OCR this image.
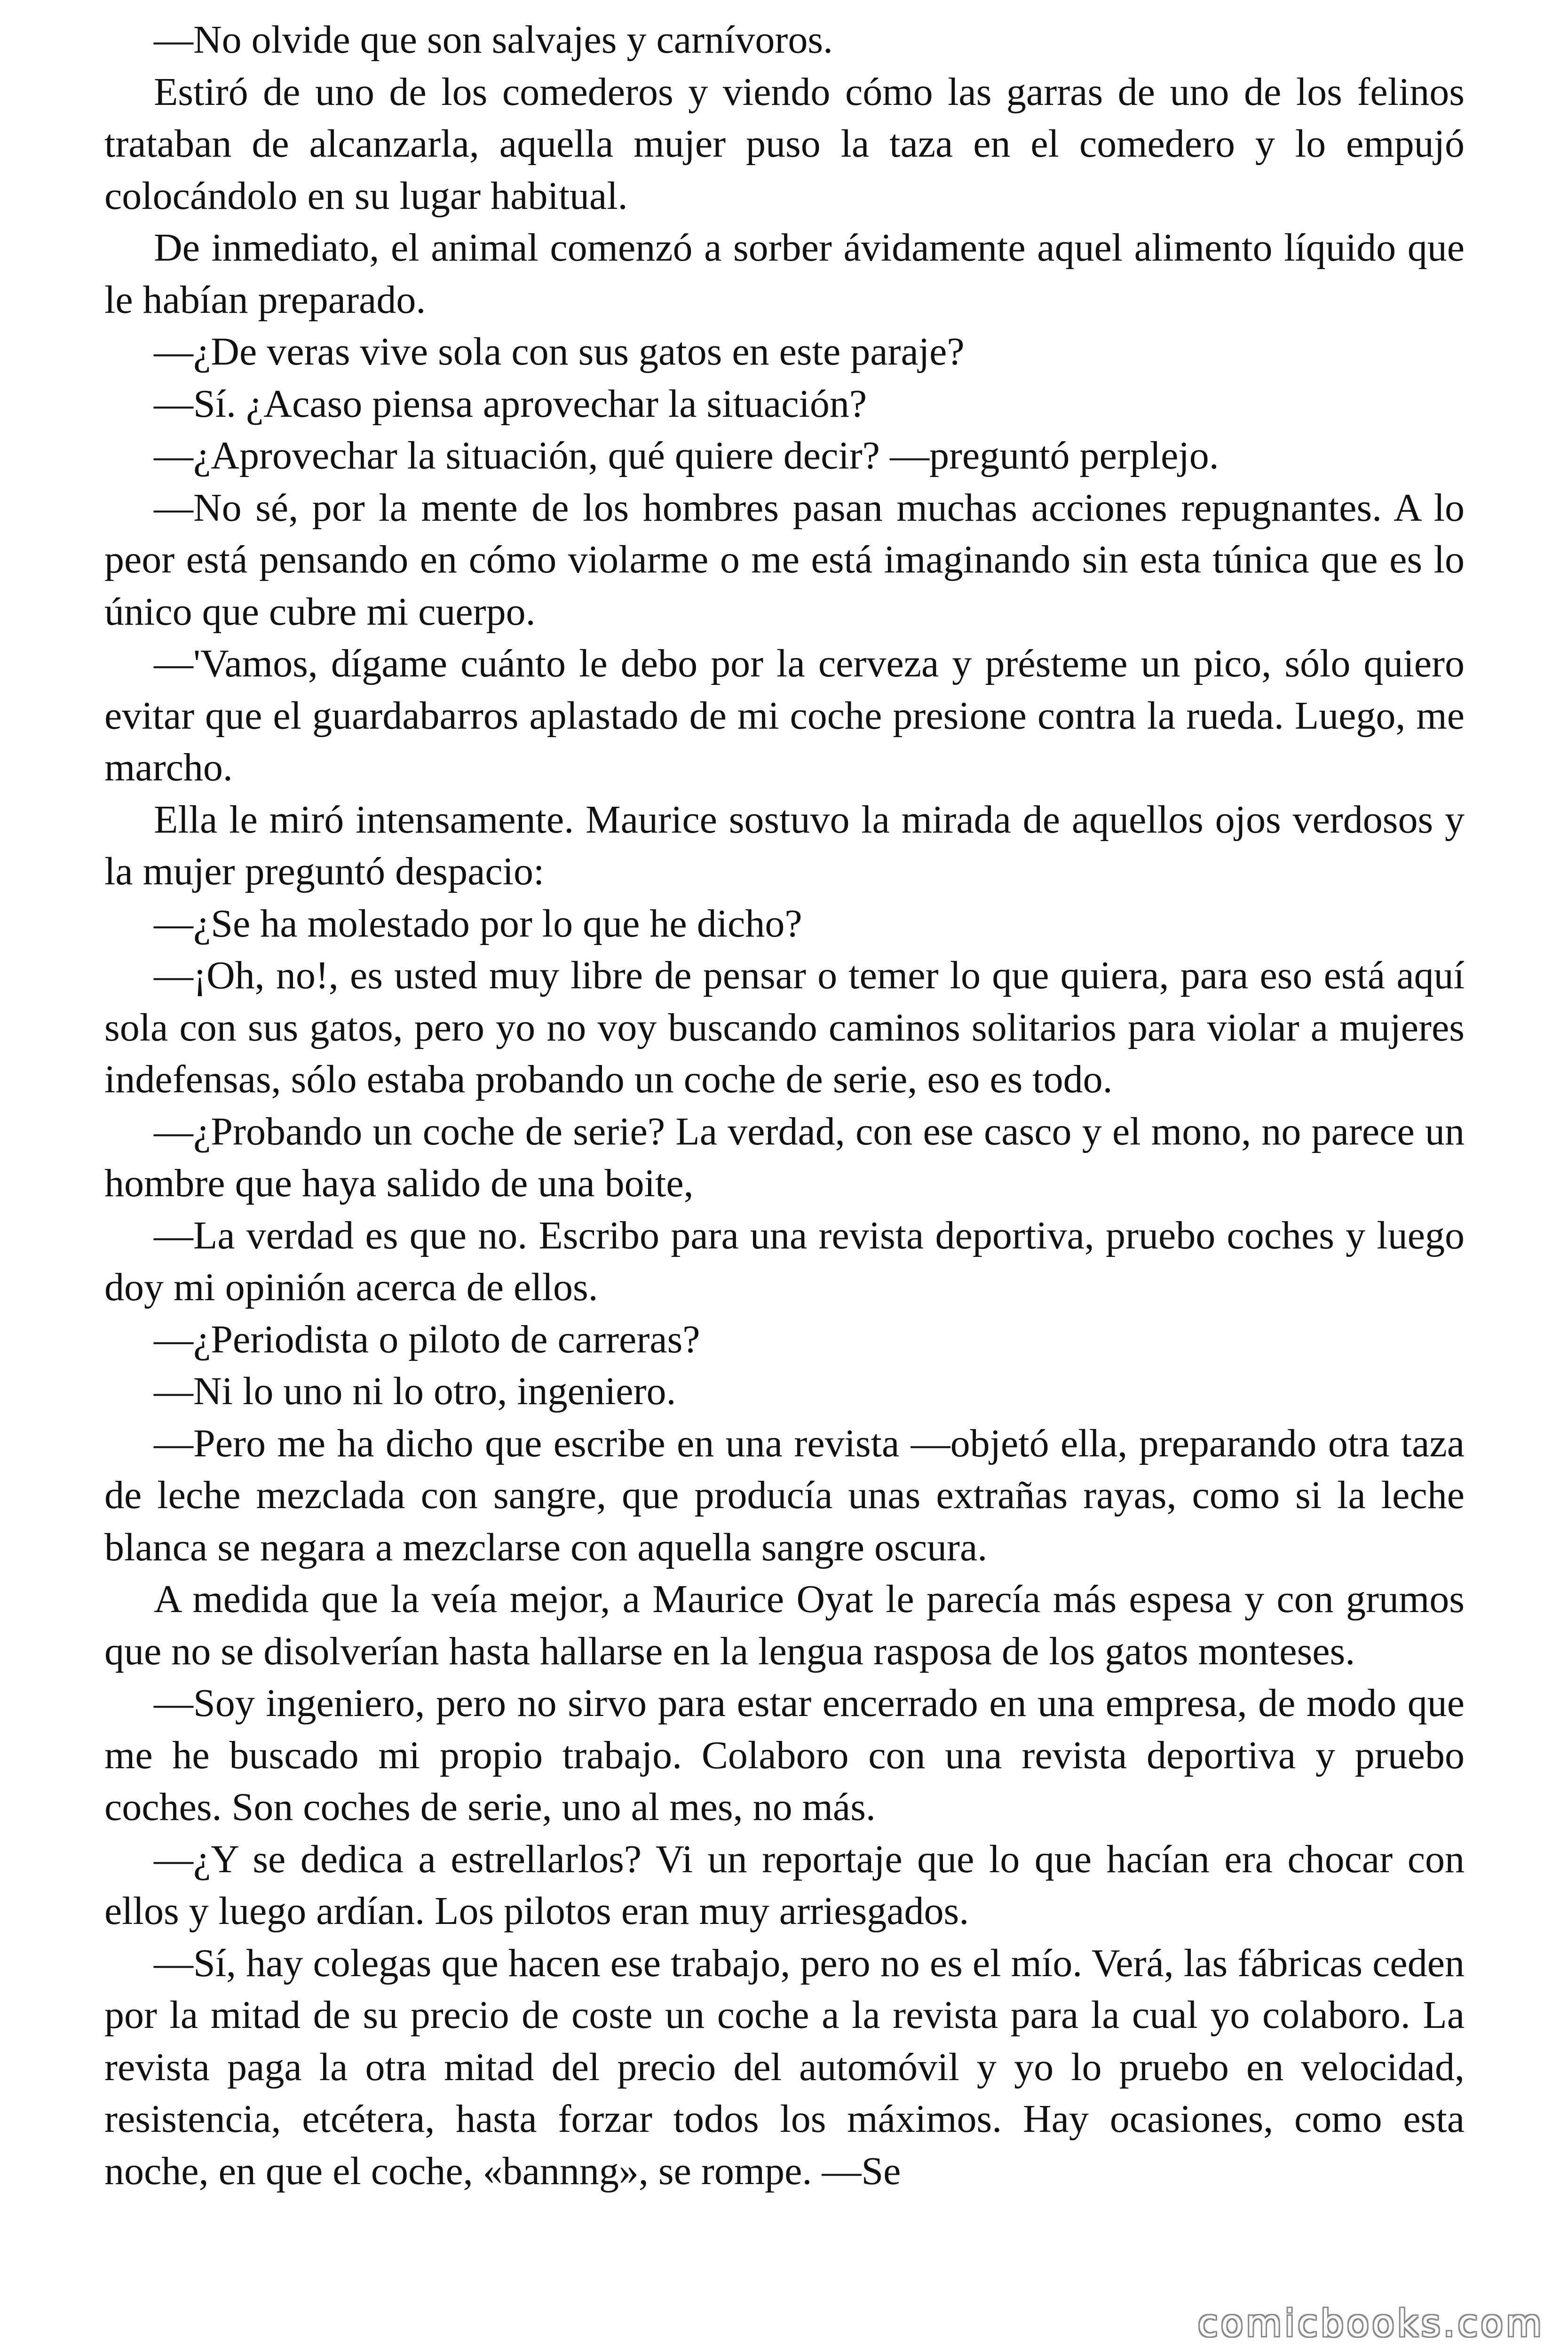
—No olvide que son salvajes y carnívoros.

Estiró de uno de los comederos y viendo cómo las garras de uno de los felinos trataban de alcanzarla, aquella mujer puso la taza en el comedero y lo empujó colocándolo en su lugar habitual.

De inmediato, el animal comenzó a sorber ávidamente aquel alimento líquido que le habían preparado.

—¿De veras vive sola con sus gatos en este paraje?

—Sí. ¿Acaso piensa aprovechar la situación?

—¿Aprovechar la situación, qué quiere decir? —preguntó perplejo.

—No sé, por la mente de los hombres pasan muchas acciones repugnantes. A lo peor está pensando en cómo violarme o me está imaginando sin esta túnica que es lo único que cubre mi cuerpo.

—'Vamos, dígame cuánto le debo por la cerveza y présteme un pico, sólo quiero evitar que el guardabarros aplastado de mi coche presione contra la rueda. Luego, me marcho.

Ella le miró intensamente. Maurice sostuvo la mirada de aquellos ojos verdosos y la mujer preguntó despacio:

—¿Se ha molestado por lo que he dicho?

—¡Oh, no!, es usted muy libre de pensar o temer lo que quiera, para eso está aquí sola con sus gatos, pero yo no voy buscando caminos solitarios para violar a mujeres indefensas, sólo estaba probando un coche de serie, eso es todo.

—¿Probando un coche de serie? La verdad, con ese casco y el mono, no parece un hombre que haya salido de una boite,

—La verdad es que no. Escribo para una revista deportiva, pruebo coches y luego doy mi opinión acerca de ellos.

—¿Periodista o piloto de carreras?

—Ni lo uno ni lo otro, ingeniero.

—Pero me ha dicho que escribe en una revista —objetó ella, preparando otra taza de leche mezclada con sangre, que producía unas extrañas rayas, como si la leche blanca se negara a mezclarse con aquella sangre oscura.

A medida que la veía mejor, a Maurice Oyat le parecía más espesa y con grumos que no se disolverían hasta hallarse en la lengua rasposa de los gatos monteses.

—Soy ingeniero, pero no sirvo para estar encerrado en una empresa, de modo que me he buscado mi propio trabajo. Colaboro con una revista deportiva y pruebo coches. Son coches de serie, uno al mes, no más.

—¿Y se dedica a estrellarlos? Vi un reportaje que lo que hacían era chocar con ellos y luego ardían. Los pilotos eran muy arriesgados.

—Sí, hay colegas que hacen ese trabajo, pero no es el mío. Verá, las fábricas ceden por la mitad de su precio de coste un coche a la revista para la cual yo colaboro. La revista paga la otra mitad del precio del automóvil y yo lo pruebo en velocidad, resistencia, etcétera, hasta forzar todos los máximos. Hay ocasiones, como esta noche, en que el coche, «bannng», se rompe. —Se

comicbooks.com
